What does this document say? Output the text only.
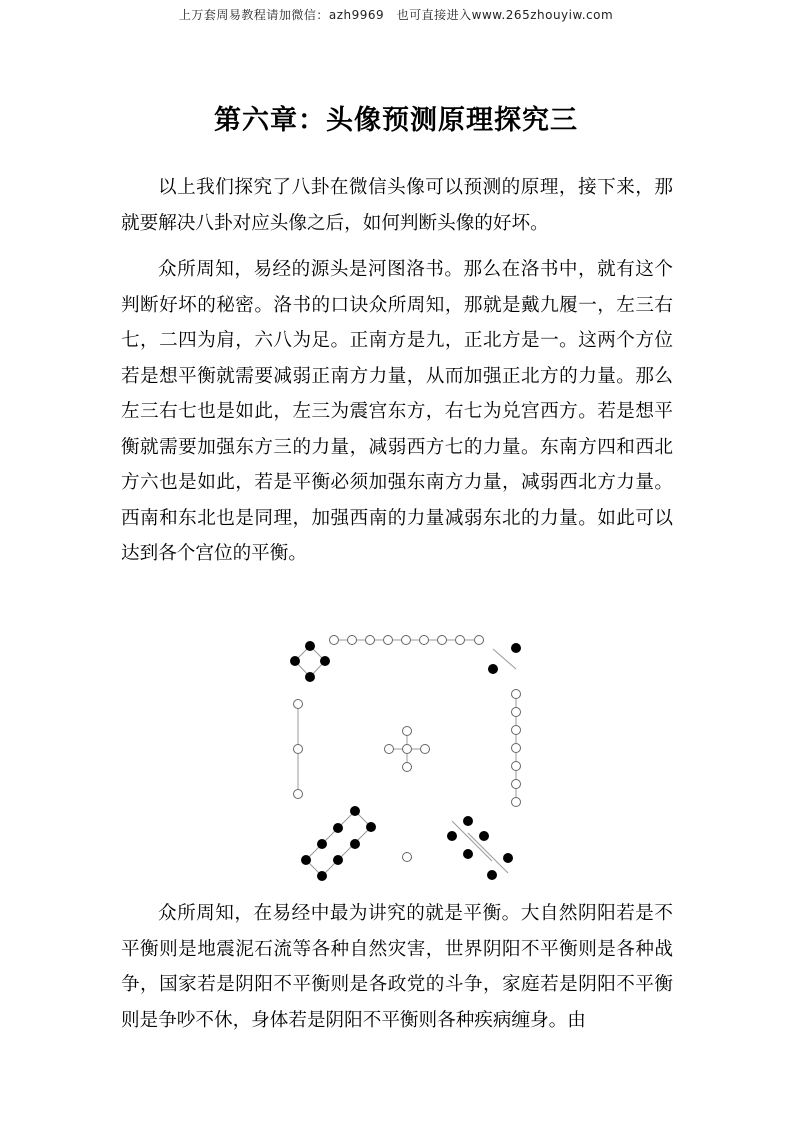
上万套周易教程请加微信：azh9969　也可直接进入www.265zhouyiw.com
第六章：头像预测原理探究三

以上我们探究了八卦在微信头像可以预测的原理，接下来，那就要解决八卦对应头像之后，如何判断头像的好坏。

众所周知，易经的源头是河图洛书。那么在洛书中，就有这个判断好坏的秘密。洛书的口诀众所周知，那就是戴九履一，左三右七，二四为肩，六八为足。正南方是九，正北方是一。这两个方位若是想平衡就需要减弱正南方力量，从而加强正北方的力量。那么左三右七也是如此，左三为震宫东方，右七为兑宫西方。若是想平衡就需要加强东方三的力量，减弱西方七的力量。东南方四和西北方六也是如此，若是平衡必须加强东南方力量，减弱西北方力量。西南和东北也是同理，加强西南的力量减弱东北的力量。如此可以达到各个宫位的平衡。

众所周知，在易经中最为讲究的就是平衡。大自然阴阳若是不平衡则是地震泥石流等各种自然灾害，世界阴阳不平衡则是各种战争，国家若是阴阳不平衡则是各政党的斗争，家庭若是阴阳不平衡则是争吵不休，身体若是阴阳不平衡则各种疾病缠身。由
